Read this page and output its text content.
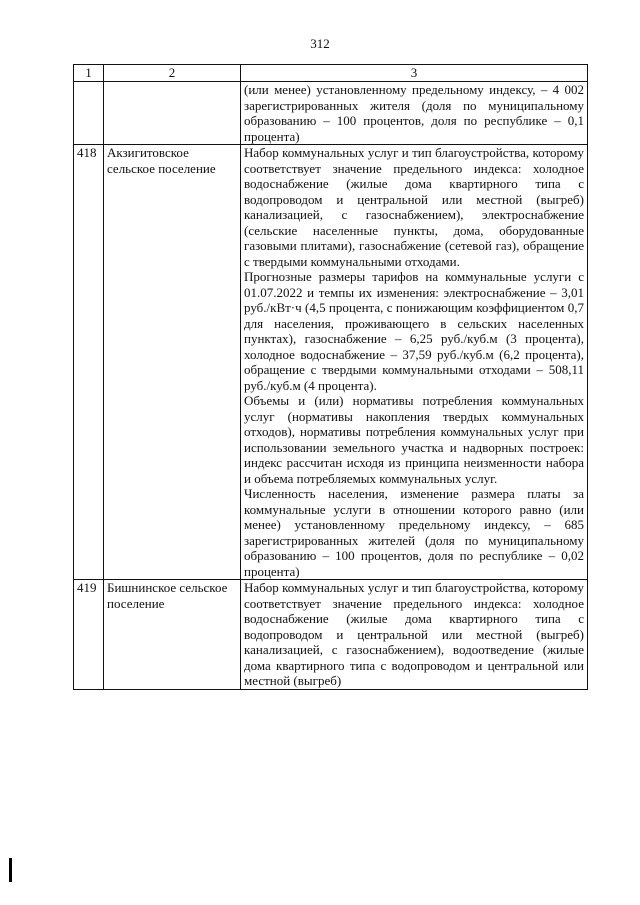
312
1	2	3

		(или менее) установленному предельному индексу, – 4 002 зарегистрированных жителя (доля по муниципальному образованию – 100 процентов, доля по республике – 0,1 процента)

418	Акзигитовское сельское поселение	Набор коммунальных услуг и тип благоустройства, которому соответствует значение предельного индекса: холодное водоснабжение (жилые дома квартирного типа с водопроводом и центральной или местной (выгреб) канализацией, с газоснабжением), электроснабжение (сельские населенные пункты, дома, оборудованные газовыми плитами), газоснабжение (сетевой газ), обращение с твердыми коммунальными отходами.

Прогнозные размеры тарифов на коммунальные услуги с 01.07.2022 и темпы их изменения: электроснабжение – 3,01 руб./кВт·ч (4,5 процента, с понижающим коэффициентом 0,7 для населения, проживающего в сельских населенных пунктах), газоснабжение – 6,25 руб./куб.м (3 процента), холодное водоснабжение – 37,59 руб./куб.м (6,2 процента), обращение с твердыми коммунальными отходами – 508,11 руб./куб.м (4 процента).

Объемы и (или) нормативы потребления коммунальных услуг (нормативы накопления твердых коммунальных отходов), нормативы потребления коммунальных услуг при использовании земельного участка и надворных построек: индекс рассчитан исходя из принципа неизменности набора и объема потребляемых коммунальных услуг.

Численность населения, изменение размера платы за коммунальные услуги в отношении которого равно (или менее) установленному предельному индексу, – 685 зарегистрированных жителей (доля по муниципальному образованию – 100 процентов, доля по республике – 0,02 процента)

419	Бишнинское сельское поселение	Набор коммунальных услуг и тип благоустройства, которому соответствует значение предельного индекса: холодное водоснабжение (жилые дома квартирного типа с водопроводом и центральной или местной (выгреб) канализацией, с газоснабжением), водоотведение (жилые дома квартирного типа с водопроводом и центральной или местной (выгреб)
